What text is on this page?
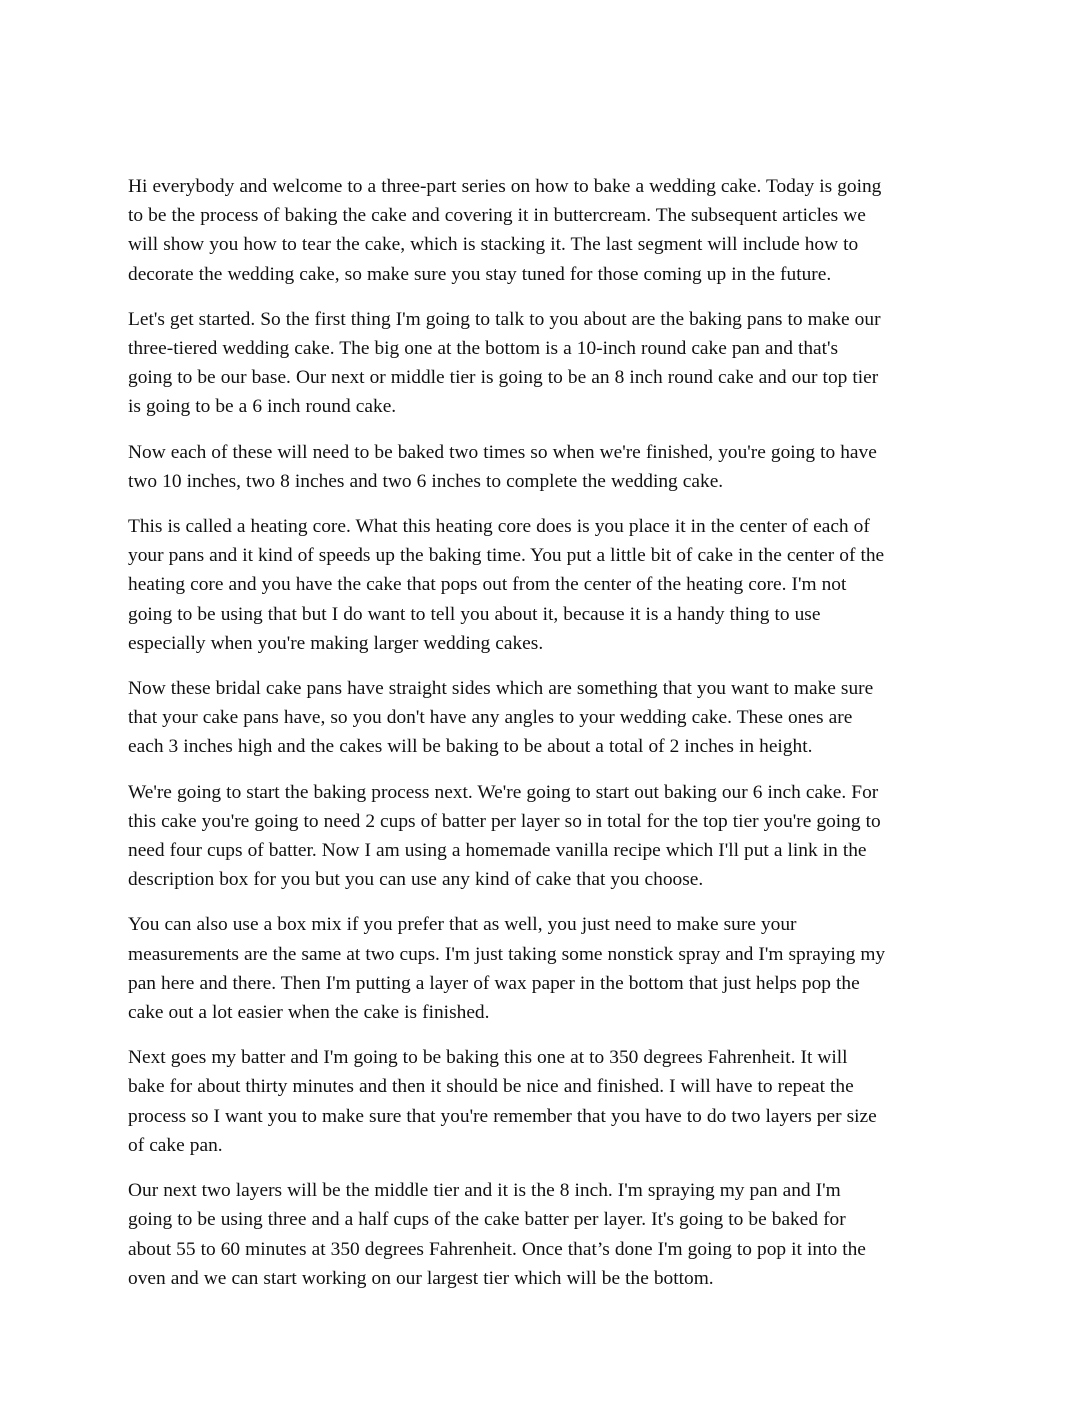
Hi everybody and welcome to a three-part series on how to bake a wedding cake. Today is going
to be the process of baking the cake and covering it in buttercream. The subsequent articles we
will show you how to tear the cake, which is stacking it. The last segment will include how to
decorate the wedding cake, so make sure you stay tuned for those coming up in the future.

Let's get started. So the first thing I'm going to talk to you about are the baking pans to make our
three-tiered wedding cake. The big one at the bottom is a 10-inch round cake pan and that's
going to be our base. Our next or middle tier is going to be an 8 inch round cake and our top tier
is going to be a 6 inch round cake.

Now each of these will need to be baked two times so when we're finished, you're going to have
two 10 inches, two 8 inches and two 6 inches to complete the wedding cake.

This is called a heating core. What this heating core does is you place it in the center of each of
your pans and it kind of speeds up the baking time. You put a little bit of cake in the center of the
heating core and you have the cake that pops out from the center of the heating core. I'm not
going to be using that but I do want to tell you about it, because it is a handy thing to use
especially when you're making larger wedding cakes.

Now these bridal cake pans have straight sides which are something that you want to make sure
that your cake pans have, so you don't have any angles to your wedding cake. These ones are
each 3 inches high and the cakes will be baking to be about a total of 2 inches in height.

We're going to start the baking process next. We're going to start out baking our 6 inch cake. For
this cake you're going to need 2 cups of batter per layer so in total for the top tier you're going to
need four cups of batter. Now I am using a homemade vanilla recipe which I'll put a link in the
description box for you but you can use any kind of cake that you choose.

You can also use a box mix if you prefer that as well, you just need to make sure your
measurements are the same at two cups. I'm just taking some nonstick spray and I'm spraying my
pan here and there. Then I'm putting a layer of wax paper in the bottom that just helps pop the
cake out a lot easier when the cake is finished.

Next goes my batter and I'm going to be baking this one at to 350 degrees Fahrenheit. It will
bake for about thirty minutes and then it should be nice and finished. I will have to repeat the
process so I want you to make sure that you're remember that you have to do two layers per size
of cake pan.

Our next two layers will be the middle tier and it is the 8 inch. I'm spraying my pan and I'm
going to be using three and a half cups of the cake batter per layer. It's going to be baked for
about 55 to 60 minutes at 350 degrees Fahrenheit. Once that’s done I'm going to pop it into the
oven and we can start working on our largest tier which will be the bottom.
